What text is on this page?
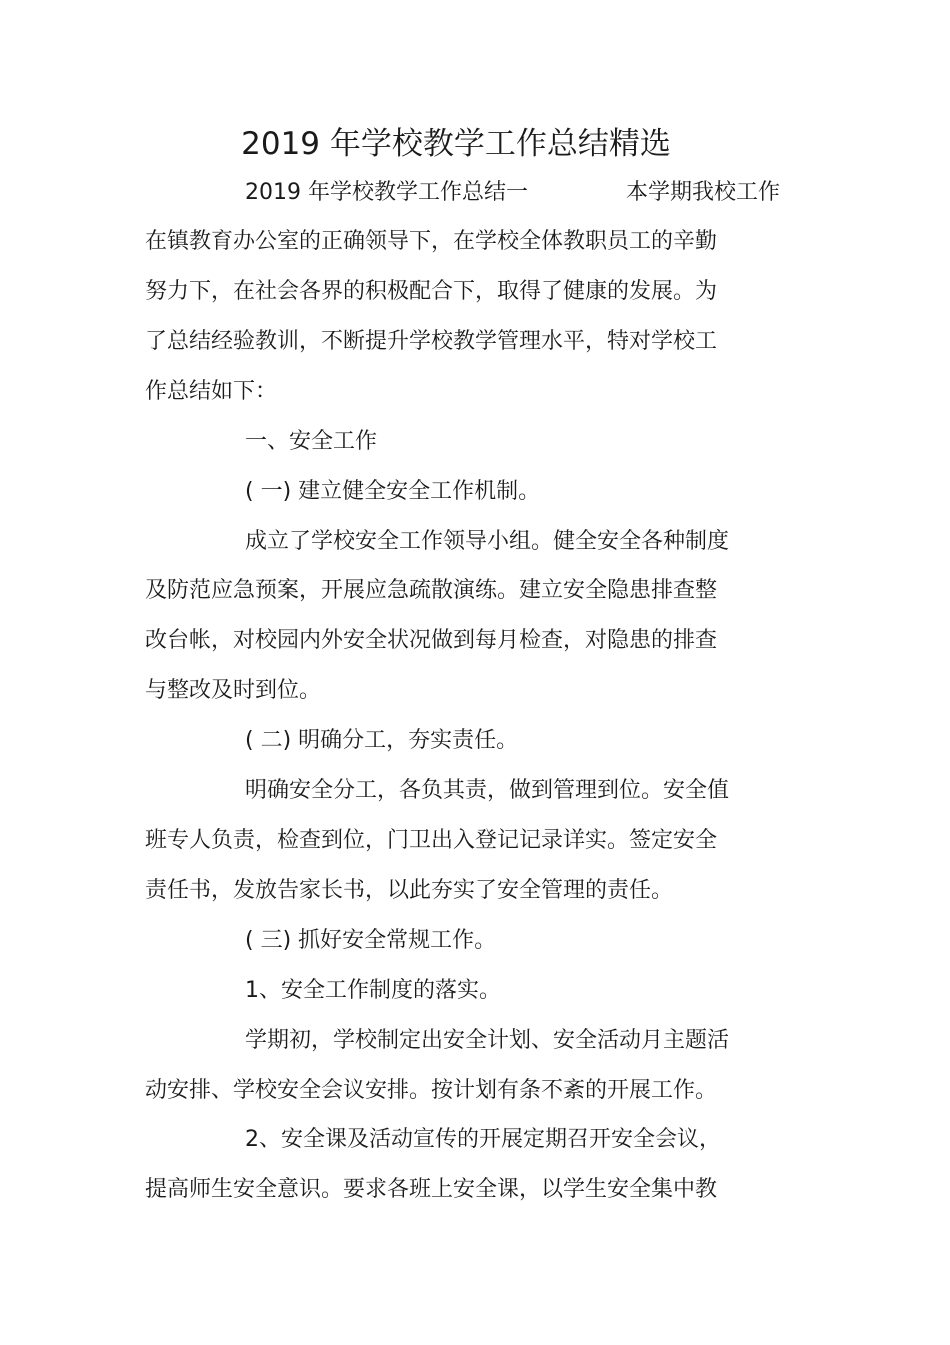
2019 年学校教学工作总结精选
2019 年学校教学工作总结一	本学期我校工作
在镇教育办公室的正确领导下，在学校全体教职员工的辛勤
努力下，在社会各界的积极配合下，取得了健康的发展。为
了总结经验教训，不断提升学校教学管理水平，特对学校工
作总结如下：
一、安全工作
( 一) 建立健全安全工作机制。
成立了学校安全工作领导小组。健全安全各种制度
及防范应急预案，开展应急疏散演练。建立安全隐患排查整
改台帐，对校园内外安全状况做到每月检查，对隐患的排查
与整改及时到位。
( 二) 明确分工，夯实责任。
明确安全分工，各负其责，做到管理到位。安全值
班专人负责，检查到位，门卫出入登记记录详实。签定安全
责任书，发放告家长书，以此夯实了安全管理的责任。
( 三) 抓好安全常规工作。
1、安全工作制度的落实。
学期初，学校制定出安全计划、安全活动月主题活
动安排、学校安全会议安排。按计划有条不紊的开展工作。
2、安全课及活动宣传的开展定期召开安全会议，
提高师生安全意识。要求各班上安全课，以学生安全集中教
